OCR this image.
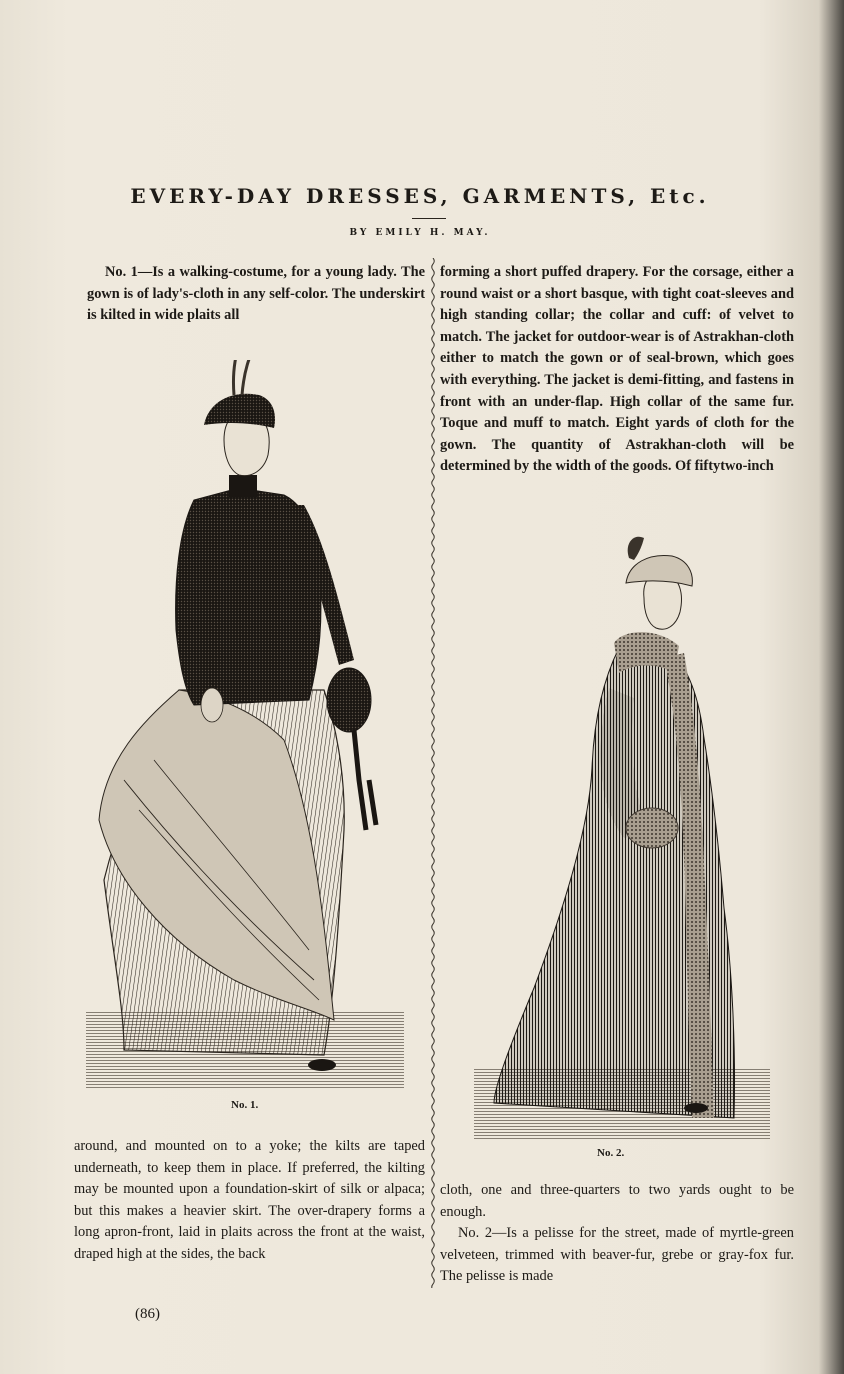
EVERY-DAY DRESSES, GARMENTS, Etc.
BY EMILY H. MAY.

No. 1—Is a walking-costume, for a young lady. The gown is of lady's-cloth in any self-color. The underskirt is kilted in wide plaits all

forming a short puffed drapery. For the corsage, either a round waist or a short basque, with tight coat-sleeves and high standing collar; the collar and cuff: of velvet to match. The jacket for outdoor-wear is of Astrakhan-cloth either to match the gown or of seal-brown, which goes with everything. The jacket is demi-fitting, and fastens in front with an under-flap. High collar of the same fur. Toque and muff to match. Eight yards of cloth for the gown. The quantity of Astrakhan-cloth will be determined by the width of the goods. Of fiftytwo-inch

No. 1.
No. 2.

around, and mounted on to a yoke; the kilts are taped underneath, to keep them in place. If preferred, the kilting may be mounted upon a foundation-skirt of silk or alpaca; but this makes a heavier skirt. The over-drapery forms a long apron-front, laid in plaits across the front at the waist, draped high at the sides, the back

cloth, one and three-quarters to two yards ought to be enough.

No. 2—Is a pelisse for the street, made of myrtle-green velveteen, trimmed with beaver-fur, grebe or gray-fox fur. The pelisse is made

(86)
